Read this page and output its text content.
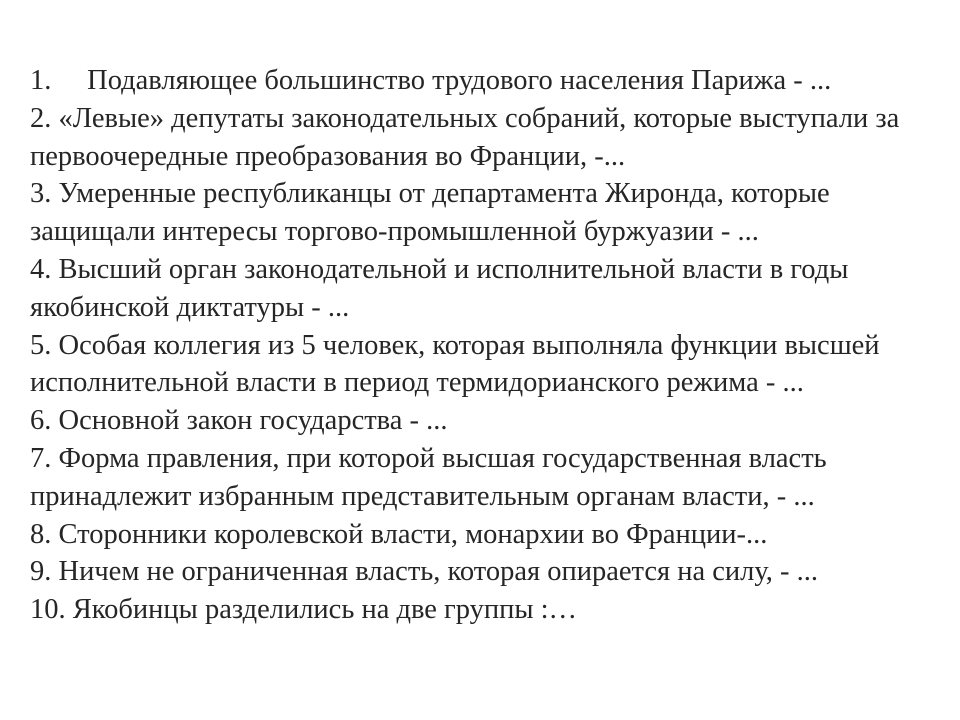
1. Подавляющее большинство трудового населения Парижа - ...

2. «Левые» депутаты законодательных собраний, которые выступали за первоочередные преобразования во Франции, -...

3. Умеренные республиканцы от департамента Жиронда, которые защищали интересы торгово-промышленной буржуазии - ...

4. Высший орган законодательной и исполнительной власти в годы якобинской диктатуры - ...

5. Особая коллегия из 5 человек, которая выполняла функции высшей исполнительной власти в период термидорианского режима - ...

6. Основной закон государства - ...

7. Форма правления, при которой высшая государственная власть принадлежит избранным представительным органам власти, - ...

8. Сторонники королевской власти, монархии во Франции-...

9. Ничем не ограниченная власть, которая опирается на силу, - ...

10. Якобинцы разделились на две группы :…
